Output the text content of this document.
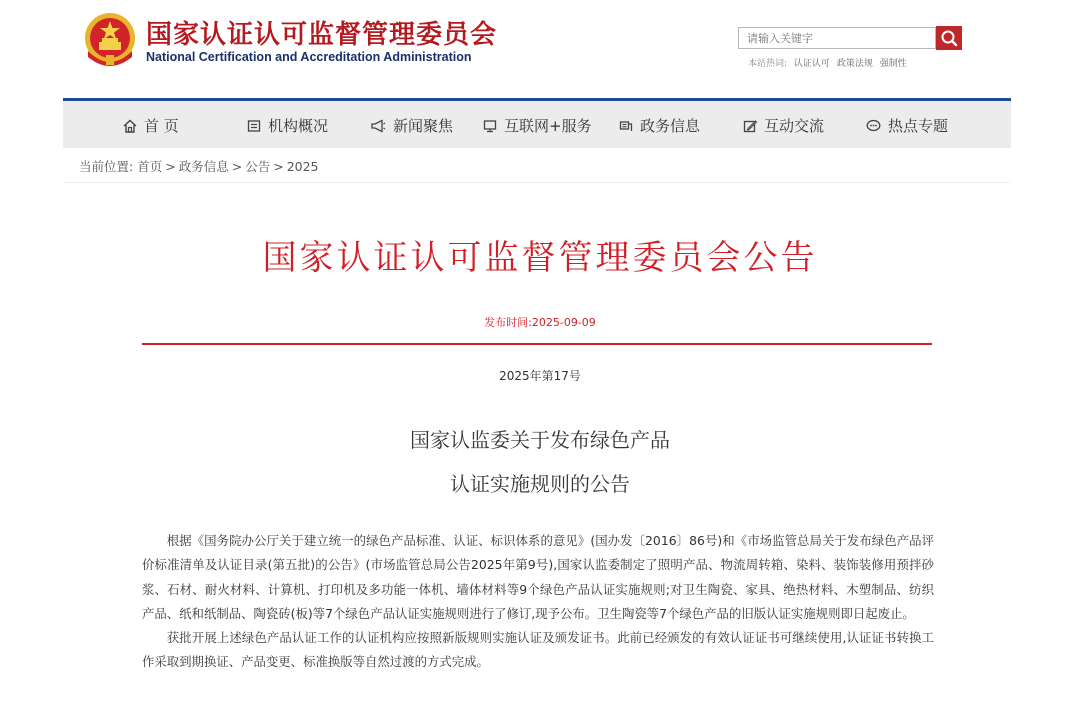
国家认证认可监督管理委员会
National Certification and Accreditation Administration
请输入关键字	本站热词: 认证认可 政策法规 强制性
首 页	机构概况	新闻聚焦	互联网+服务	政务信息	互动交流	热点专题
当前位置: 首页 > 政务信息 > 公告 > 2025
国家认证认可监督管理委员会公告
发布时间:2025-09-09
2025年第17号
国家认监委关于发布绿色产品
认证实施规则的公告

根据《国务院办公厅关于建立统一的绿色产品标准、认证、标识体系的意见》(国办发〔2016〕86号)和《市场监管总局关于发布绿色产品评价标准清单及认证目录(第五批)的公告》(市场监管总局公告2025年第9号),国家认监委制定了照明产品、物流周转箱、染料、装饰装修用预拌砂浆、石材、耐火材料、计算机、打印机及多功能一体机、墙体材料等9个绿色产品认证实施规则;对卫生陶瓷、家具、绝热材料、木塑制品、纺织产品、纸和纸制品、陶瓷砖(板)等7个绿色产品认证实施规则进行了修订,现予公布。卫生陶瓷等7个绿色产品的旧版认证实施规则即日起废止。

获批开展上述绿色产品认证工作的认证机构应按照新版规则实施认证及颁发证书。此前已经颁发的有效认证证书可继续使用,认证证书转换工作采取到期换证、产品变更、标准换版等自然过渡的方式完成。
